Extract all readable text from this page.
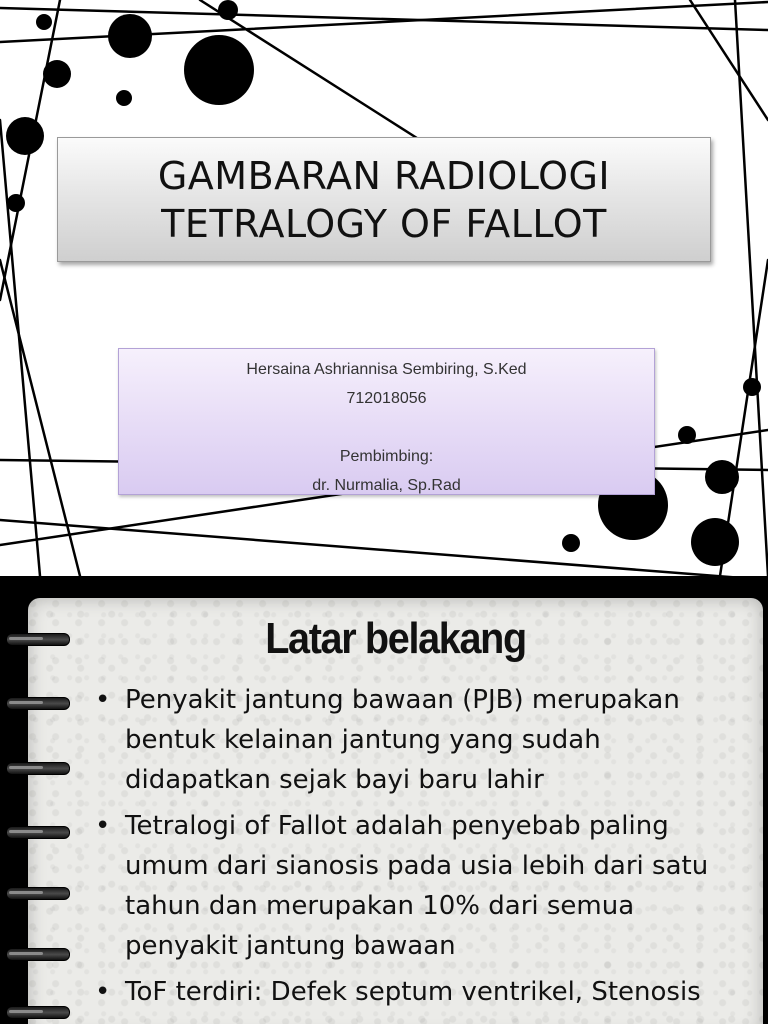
GAMBARAN RADIOLOGI
TETRALOGY OF FALLOT
Hersaina Ashriannisa Sembiring, S.Ked
712018056
Pembimbing:
dr. Nurmalia, Sp.Rad
Latar belakang
• Penyakit jantung bawaan (PJB) merupakan bentuk kelainan jantung yang sudah didapatkan sejak bayi baru lahir
• Tetralogi of Fallot adalah penyebab paling umum dari sianosis pada usia lebih dari satu tahun dan merupakan 10% dari semua penyakit jantung bawaan
• ToF terdiri: Defek septum ventrikel, Stenosis
